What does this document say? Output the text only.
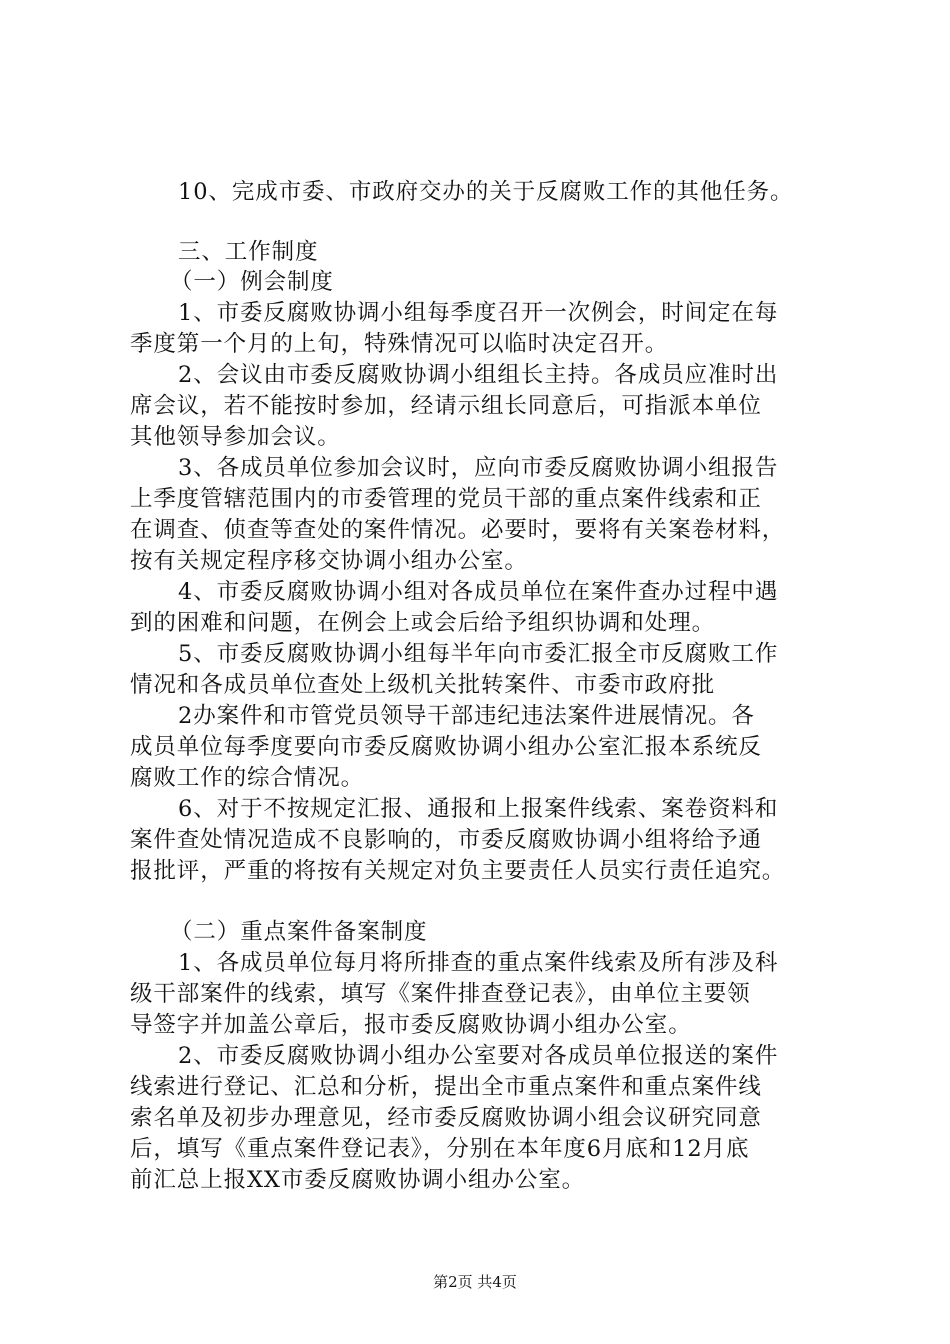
10、完成市委、市政府交办的关于反腐败工作的其他任务。
三、工作制度
（一）例会制度
1、市委反腐败协调小组每季度召开一次例会，时间定在每
季度第一个月的上旬，特殊情况可以临时决定召开。
2、会议由市委反腐败协调小组组长主持。各成员应准时出
席会议，若不能按时参加，经请示组长同意后，可指派本单位
其他领导参加会议。
3、各成员单位参加会议时，应向市委反腐败协调小组报告
上季度管辖范围内的市委管理的党员干部的重点案件线索和正
在调查、侦查等查处的案件情况。必要时，要将有关案卷材料，
按有关规定程序移交协调小组办公室。
4、市委反腐败协调小组对各成员单位在案件查办过程中遇
到的困难和问题，在例会上或会后给予组织协调和处理。
5、市委反腐败协调小组每半年向市委汇报全市反腐败工作
情况和各成员单位查处上级机关批转案件、市委市政府批
2办案件和市管党员领导干部违纪违法案件进展情况。各
成员单位每季度要向市委反腐败协调小组办公室汇报本系统反
腐败工作的综合情况。
6、对于不按规定汇报、通报和上报案件线索、案卷资料和
案件查处情况造成不良影响的，市委反腐败协调小组将给予通
报批评，严重的将按有关规定对负主要责任人员实行责任追究。
（二）重点案件备案制度
1、各成员单位每月将所排查的重点案件线索及所有涉及科
级干部案件的线索，填写《案件排查登记表》，由单位主要领
导签字并加盖公章后，报市委反腐败协调小组办公室。
2、市委反腐败协调小组办公室要对各成员单位报送的案件
线索进行登记、汇总和分析，提出全市重点案件和重点案件线
索名单及初步办理意见，经市委反腐败协调小组会议研究同意
后，填写《重点案件登记表》，分别在本年度6月底和12月底
前汇总上报XX市委反腐败协调小组办公室。
第2页 共4页
